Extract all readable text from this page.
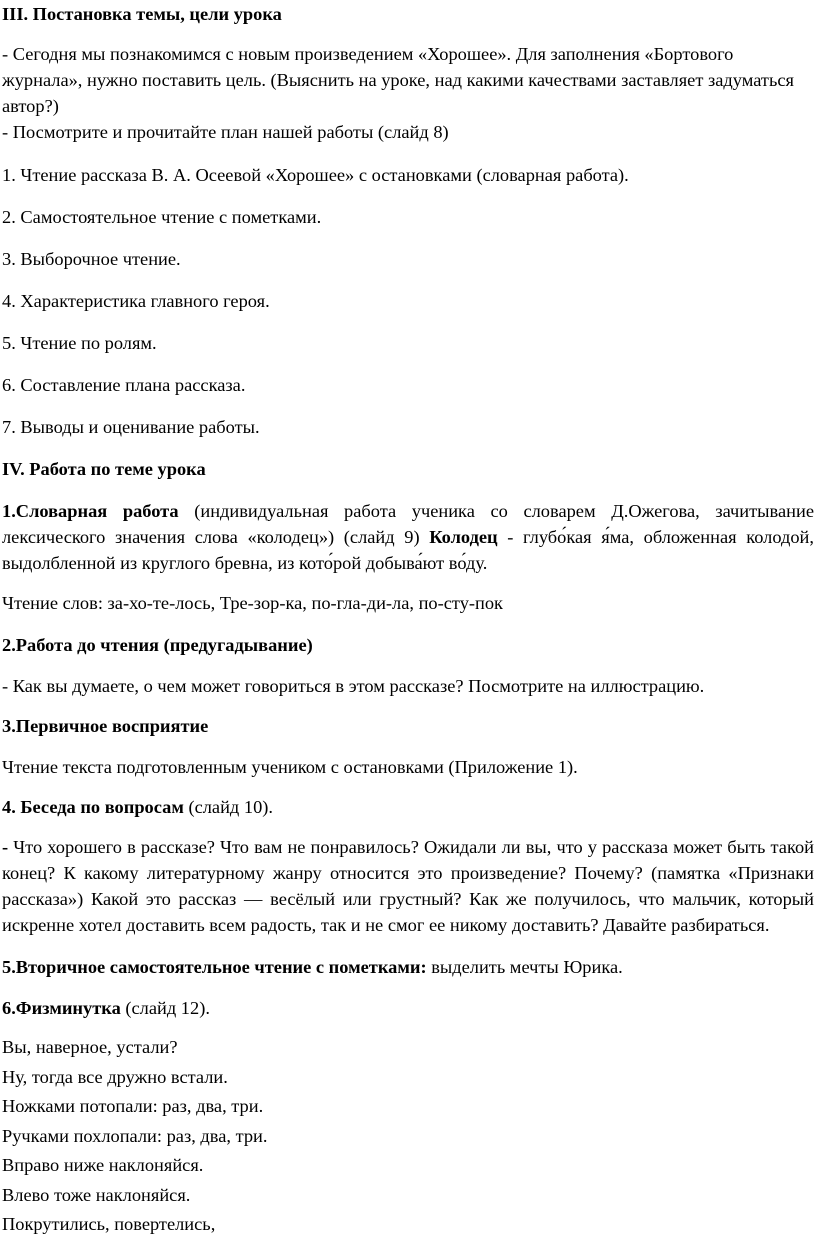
III. Постановка темы, цели урока

- Сегодня мы познакомимся с новым произведением «Хорошее». Для заполнения «Бортового журнала», нужно поставить цель. (Выяснить на уроке, над какими качествами заставляет задуматься автор?)

- Посмотрите и прочитайте план нашей работы (слайд 8)

1. Чтение рассказа В. А. Осеевой «Хорошее» с остановками (словарная работа).

2. Самостоятельное чтение с пометками.

3. Выборочное чтение.

4. Характеристика главного героя.

5. Чтение по ролям.

6. Составление плана рассказа.

7. Выводы и оценивание работы.

IV. Работа по теме урока

1.Словарная работа (индивидуальная работа ученика со словарем Д.Ожегова, зачитывание лексического значения слова «колодец») (слайд 9) Колодец - глубо́кая я́ма, обложенная колодой, выдолбленной из круглого бревна, из кото́рой добыва́ют во́ду.

Чтение слов: за-хо-те-лось, Тре-зор-ка, по-гла-ди-ла, по-сту-пок

2.Работа до чтения (предугадывание)

- Как вы думаете, о чем может говориться в этом рассказе? Посмотрите на иллюстрацию.

3.Первичное восприятие

Чтение текста подготовленным учеником с остановками (Приложение 1).

4. Беседа по вопросам (слайд 10).

- Что хорошего в рассказе? Что вам не понравилось? Ожидали ли вы, что у рассказа может быть такой конец? К какому литературному жанру относится это произведение? Почему? (памятка «Признаки рассказа») Какой это рассказ — весёлый или грустный? Как же получилось, что мальчик, который искренне хотел доставить всем радость, так и не смог ее никому доставить? Давайте разбираться.

5.Вторичное самостоятельное чтение с пометками: выделить мечты Юрика.

6.Физминутка (слайд 12).

Вы, наверное, устали?

Ну, тогда все дружно встали.

Ножками потопали: раз, два, три.

Ручками похлопали: раз, два, три.

Вправо ниже наклоняйся.

Влево тоже наклоняйся.

Покрутились, повертелись,
